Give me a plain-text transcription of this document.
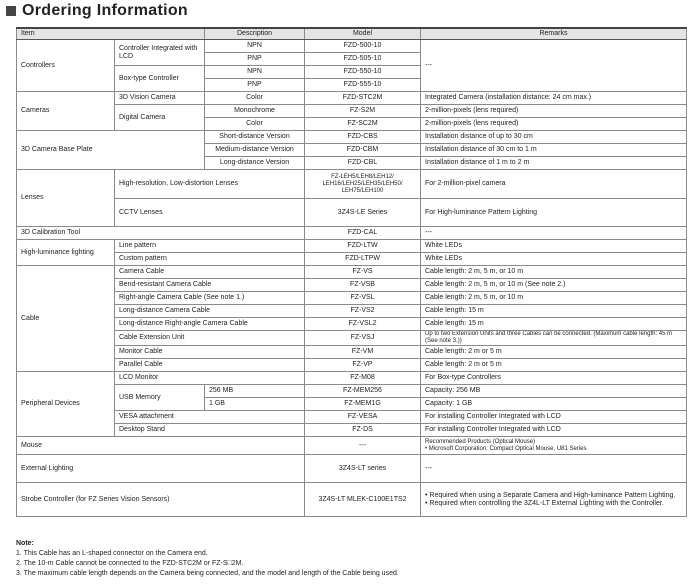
Ordering Information
Item		Description	Model	Remarks
Controllers	Controller Integrated with LCD	NPN	FZD-500-10	---
		PNP	FZD-505-10	
	Box-type Controller	NPN	FZD-550-10	
		PNP	FZD-555-10	
Cameras	3D Vision Camera	Color	FZD-STC2M	Integrated Camera (installation distance: 24 cm max.)
	Digital Camera	Monochrome	FZ-S2M	2-million-pixels (lens required)
		Color	FZ-SC2M	2-million-pixels (lens required)
3D Camera Base Plate		Short-distance Version	FZD-CBS	Installation distance of up to 30 cm
		Medium-distance Version	FZD-CBM	Installation distance of 30 cm to 1 m
		Long-distance Version	FZD-CBL	Installation distance of 1 m to 2 m
Lenses	High-resolution, Low-distortion Lenses		FZ-LEH5/LEH8/LEH12/ LEH16/LEH25/LEH35/LEH50/ LEH75/LEH100	For 2-million-pixel camera
	CCTV Lenses		3Z4S-LE Series	For High-luminance Pattern Lighting
3D Calibration Tool			FZD-CAL	---
High-luminance lighting	Line pattern		FZD-LTW	White LEDs
	Custom pattern		FZD-LTPW	White LEDs
Cable	Camera Cable		FZ-VS	Cable length: 2 m, 5 m, or 10 m
	Bend-resistant Camera Cable		FZ-VSB	Cable length: 2 m, 5 m, or 10 m (See note 2.)
	Right-angle Camera Cable (See note 1.)		FZ-VSL	Cable length: 2 m, 5 m, or 10 m
	Long-distance Camera Cable		FZ-VS2	Cable length: 15 m
	Long-distance Right-angle Camera Cable		FZ-VSL2	Cable length: 15 m
	Cable Extension Unit		FZ-VSJ	Up to two Extension Units and three Cables can be connected. (Maximum cable length: 45 m (See note 3.))
	Monitor Cable		FZ-VM	Cable length: 2 m or 5 m
	Parallel Cable		FZ-VP	Cable length: 2 m or 5 m
Peripheral Devices	LCD Monitor		FZ-M08	For Box-type Controllers
	USB Memory	256 MB	FZ-MEM256	Capacity: 256 MB
		1 GB	FZ-MEM1G	Capacity: 1 GB
	VESA attachment		FZ-VESA	For installing Controller Integrated with LCD
	Desktop Stand		FZ-DS	For installing Controller Integrated with LCD
Mouse			---	Recommended Products (Optical Mouse)
• Microsoft Corporation: Compact Optical Mouse, U81 Series

External Lighting			3Z4S-LT series	---
Strobe Controller (for FZ Series Vision Sensors)			3Z4S-LT MLEK-C100E1TS2	• Required when using a Separate Camera and High-luminance Pattern Lighting.
• Required when controlling the 3Z4L-LT External Lighting with the Controller.
Note:
1. This Cable has an L-shaped connector on the Camera end.
2. The 10-m Cable cannot be connected to the FZD-STC2M or FZ-S□2M.
3. The maximum cable length depends on the Camera being connected, and the model and length of the Cable being used.
